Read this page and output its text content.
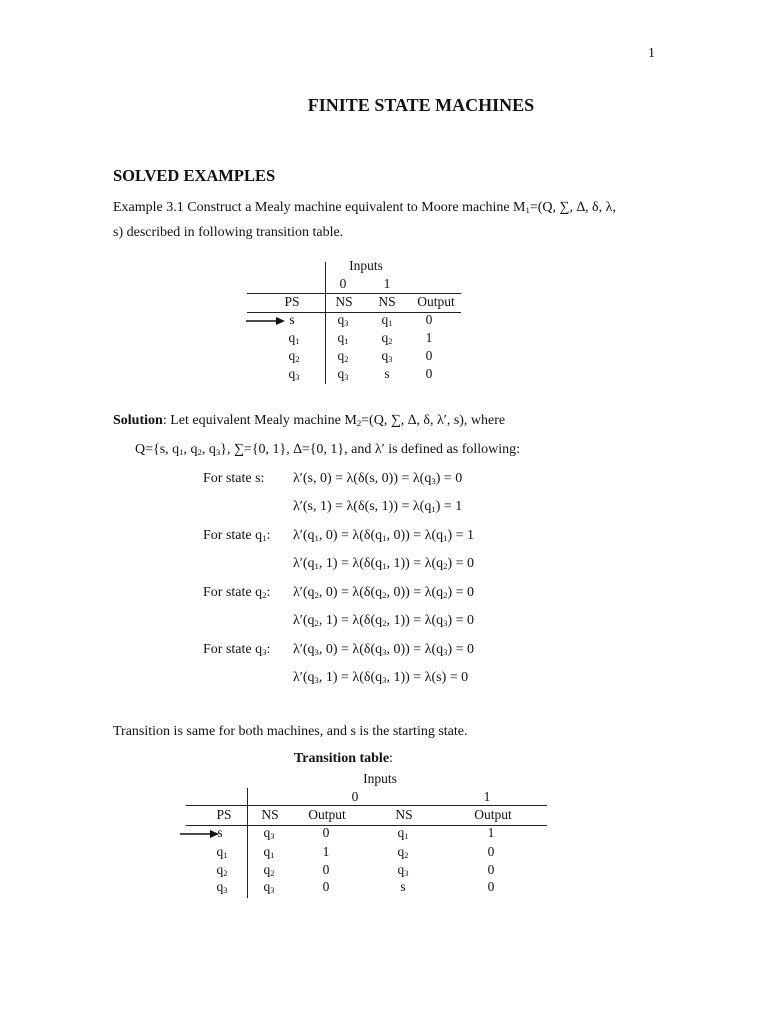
1
FINITE STATE MACHINES
SOLVED EXAMPLES
Example 3.1 Construct a Mealy machine equivalent to Moore machine $M_1=(Q$, ∑, ∆, δ, λ,
s) described in following transition table.
Inputs
0	1
PS	NS	NS	Output
s	$q_3$	$q_1$	0
$q_1$	$q_1$	$q_2$	1
$q_2$	$q_2$	$q_3$	0
$q_3$	$q_3$	s	0
Solution: Let equivalent Mealy machine $M_2=(Q$, ∑, ∆, δ, λ′, s), where
Q={s, $q_1$, $q_2$, $q_3$}, ∑={0, 1}, ∆={0, 1}, and λ′ is defined as following:
For state s: λ′(s, 0) = λ(δ(s, $0)) = \lambda(q_3) = 0$
λ′(s, 1) = λ(δ(s, $1)) = \lambda(q_1) = 1$
For state $q_1$: $\lambda'(q_1$, $0) = \lambda(\delta(q_1$, $0)) = \lambda(q_1) = 1$
$\lambda'(q_1$, $1) = \lambda(\delta(q_1$, $1)) = \lambda(q_2) = 0$
For state $q_2$: $\lambda'(q_2$, $0) = \lambda(\delta(q_2$, $0)) = \lambda(q_2) = 0$
$\lambda'(q_2$, $1) = \lambda(\delta(q_2$, $1)) = \lambda(q_3) = 0$
For state $q_3$: $\lambda'(q_3$, $0) = \lambda(\delta(q_3$, $0)) = \lambda(q_3) = 0$
$\lambda'(q_3$, $1) = \lambda(\delta(q_3$, 1)) = λ(s) = 0
Transition is same for both machines, and s is the starting state.
Transition table:
Inputs
0	1
PS	NS	Output	NS	Output
s	$q_3$	0	$q_1$	1
$q_1$	$q_1$	1	$q_2$	0
$q_2$	$q_2$	0	$q_3$	0
$q_3$	$q_3$	0	s	0
